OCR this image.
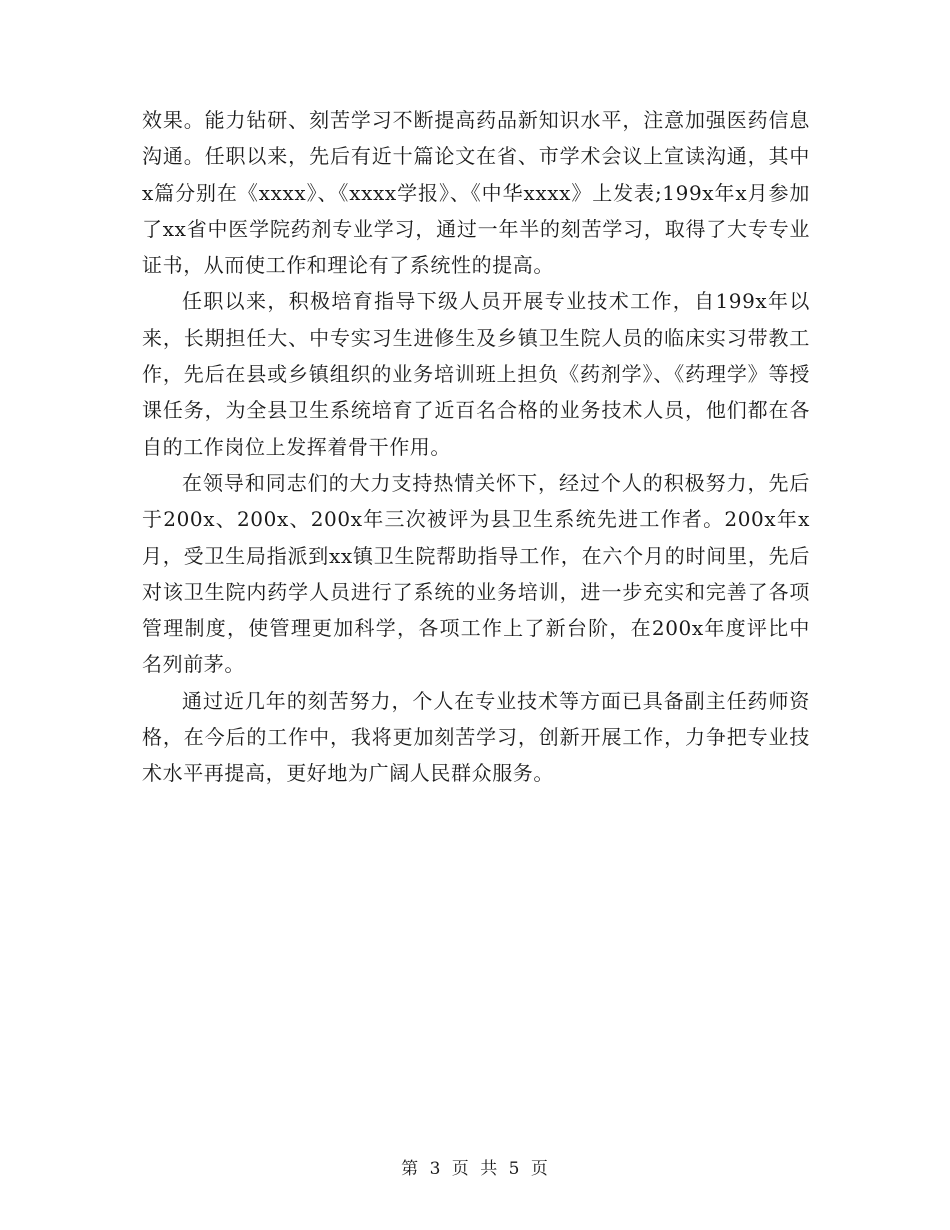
效果。能力钻研、刻苦学习不断提高药品新知识水平，注意加强医药信息沟通。任职以来，先后有近十篇论文在省、市学术会议上宣读沟通，其中x篇分别在《xxxx》、《xxxx学报》、《中华xxxx》上发表;199x年x月参加了xx省中医学院药剂专业学习，通过一年半的刻苦学习，取得了大专专业证书，从而使工作和理论有了系统性的提高。

任职以来，积极培育指导下级人员开展专业技术工作，自199x年以来，长期担任大、中专实习生进修生及乡镇卫生院人员的临床实习带教工作，先后在县或乡镇组织的业务培训班上担负《药剂学》、《药理学》等授课任务，为全县卫生系统培育了近百名合格的业务技术人员，他们都在各自的工作岗位上发挥着骨干作用。

在领导和同志们的大力支持热情关怀下，经过个人的积极努力，先后于200x、200x、200x年三次被评为县卫生系统先进工作者。200x年x月，受卫生局指派到xx镇卫生院帮助指导工作，在六个月的时间里，先后对该卫生院内药学人员进行了系统的业务培训，进一步充实和完善了各项管理制度，使管理更加科学，各项工作上了新台阶，在200x年度评比中名列前茅。

通过近几年的刻苦努力，个人在专业技术等方面已具备副主任药师资格，在今后的工作中，我将更加刻苦学习，创新开展工作，力争把专业技术水平再提高，更好地为广阔人民群众服务。

第 3 页 共 5 页
